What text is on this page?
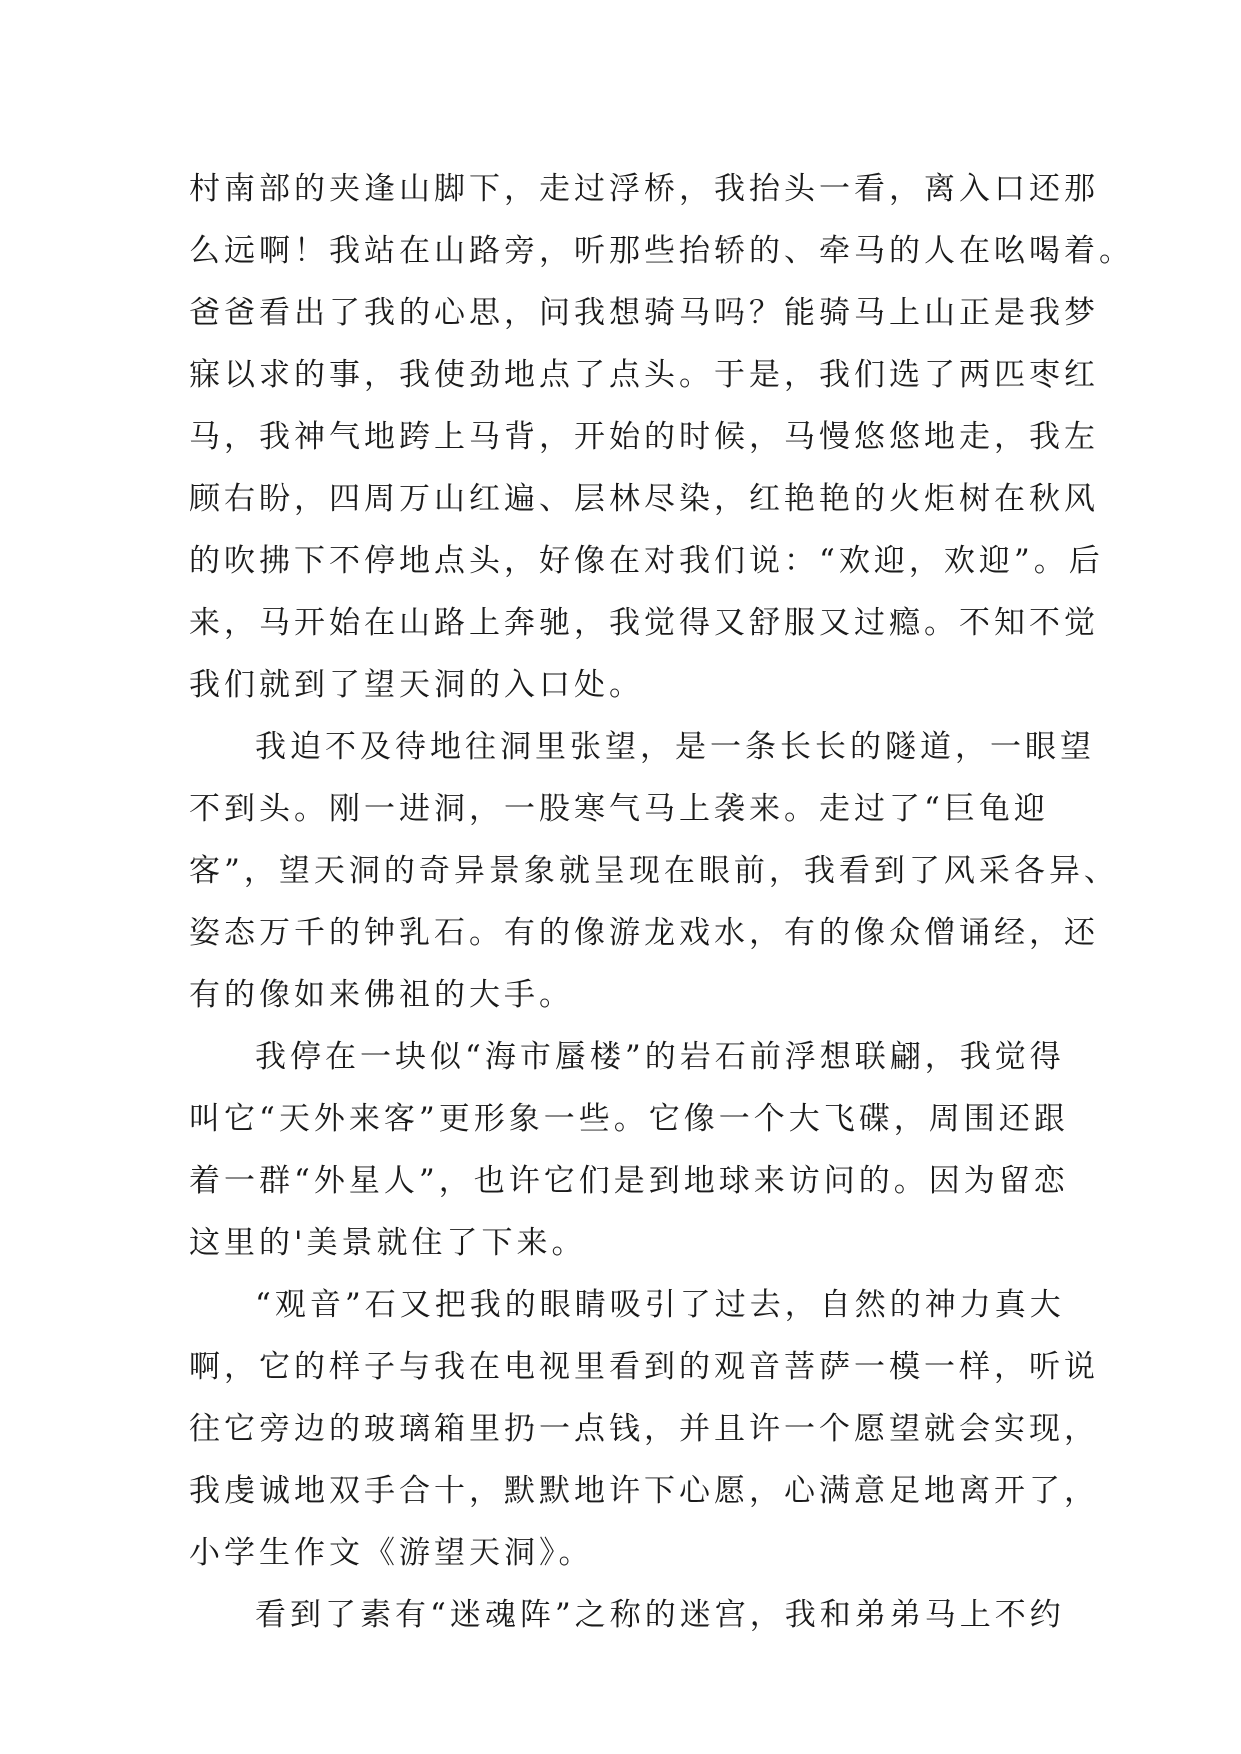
村南部的夹逢山脚下，走过浮桥，我抬头一看，离入口还那
么远啊！我站在山路旁，听那些抬轿的、牵马的人在吆喝着。
爸爸看出了我的心思，问我想骑马吗？能骑马上山正是我梦
寐以求的事，我使劲地点了点头。于是，我们选了两匹枣红
马，我神气地跨上马背，开始的时候，马慢悠悠地走，我左
顾右盼，四周万山红遍、层林尽染，红艳艳的火炬树在秋风
的吹拂下不停地点头，好像在对我们说：“欢迎，欢迎”。后
来，马开始在山路上奔驰，我觉得又舒服又过瘾。不知不觉
我们就到了望天洞的入口处。
我迫不及待地往洞里张望，是一条长长的隧道，一眼望
不到头。刚一进洞，一股寒气马上袭来。走过了“巨龟迎
客”，望天洞的奇异景象就呈现在眼前，我看到了风采各异、
姿态万千的钟乳石。有的像游龙戏水，有的像众僧诵经，还
有的像如来佛祖的大手。
我停在一块似“海市蜃楼”的岩石前浮想联翩，我觉得
叫它“天外来客”更形象一些。它像一个大飞碟，周围还跟
着一群“外星人”，也许它们是到地球来访问的。因为留恋
这里的'美景就住了下来。
“观音”石又把我的眼睛吸引了过去，自然的神力真大
啊，它的样子与我在电视里看到的观音菩萨一模一样，听说
往它旁边的玻璃箱里扔一点钱，并且许一个愿望就会实现，
我虔诚地双手合十，默默地许下心愿，心满意足地离开了，
小学生作文《游望天洞》。
看到了素有“迷魂阵”之称的迷宫，我和弟弟马上不约
